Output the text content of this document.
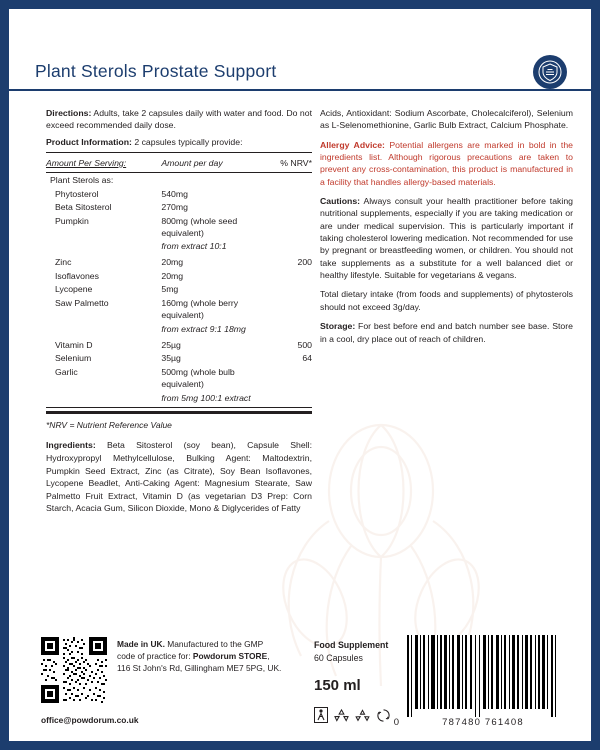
Plant Sterols Prostate Support

Directions: Adults, take 2 capsules daily with water and food. Do not exceed recommended daily dose.

Product Information: 2 capsules typically provide:

Amount Per Serving:	Amount per day	% NRV*
Plant Sterols as:		
Phytosterol	540mg	
Beta Sitosterol	270mg	
Pumpkin	800mg (whole seed equivalent)	
	from extract 10:1	
Zinc	20mg	200
Isoflavones	20mg	
Lycopene	5mg	
Saw Palmetto	160mg (whole berry equivalent)	
	from extract 9:1 18mg	
Vitamin D	25µg	500
Selenium	35µg	64
Garlic	500mg (whole bulb equivalent)	
	from 5mg 100:1 extract	
*NRV = Nutrient Reference Value

Ingredients: Beta Sitosterol (soy bean), Capsule Shell: Hydroxypropyl Methylcellulose, Bulking Agent: Maltodextrin, Pumpkin Seed Extract, Zinc (as Citrate), Soy Bean Isoflavones, Lycopene Beadlet, Anti-Caking Agent: Magnesium Stearate, Saw Palmetto Fruit Extract, Vitamin D (as vegetarian D3 Prep: Corn Starch, Acacia Gum, Silicon Dioxide, Mono & Diglycerides of Fatty

Acids, Antioxidant: Sodium Ascorbate, Cholecalciferol), Selenium as L-Selenomethionine, Garlic Bulb Extract, Calcium Phosphate.

Allergy Advice: Potential allergens are marked in bold in the ingredients list. Although rigorous precautions are taken to prevent any cross-contamination, this product is manufactured in a facility that handles allergy-based materials.

Cautions: Always consult your health practitioner before taking nutritional supplements, especially if you are taking medication or are under medical supervision. This is particularly important if taking cholesterol lowering medication. Not recommended for use by pregnant or breastfeeding women, or children. You should not take supplements as a substitute for a well balanced diet or healthy lifestyle. Suitable for vegetarians & vegans.

Total dietary intake (from foods and supplements) of phytosterols should not exceed 3g/day.

Storage: For best before end and batch number see base. Store in a cool, dry place out of reach of children.

Made in UK. Manufactured to the GMP code of practice for: Powdorum STORE, 116 St John's Rd, Gillingham ME7 5PG, UK.
office@powdorum.co.uk
Food Supplement
60 Capsules
150 ml
0	787480 761408
